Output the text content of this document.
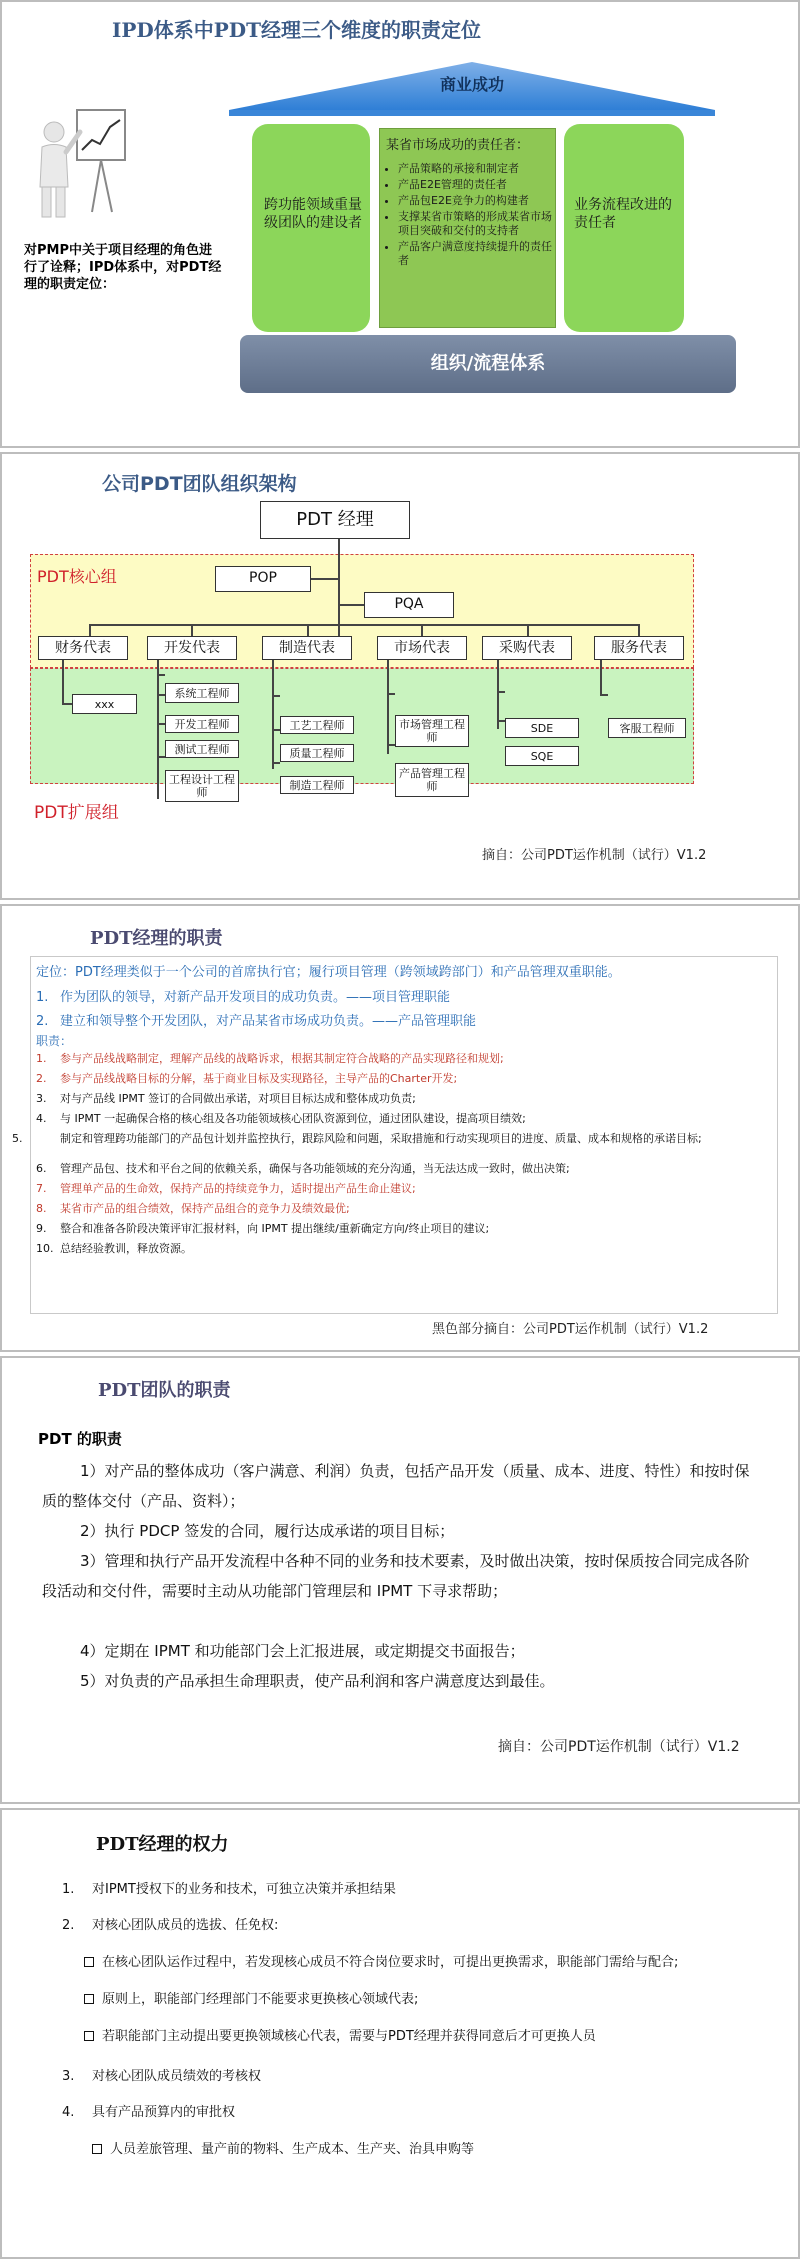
IPD体系中PDT经理三个维度的职责定位
对PMP中关于项目经理的角色进行了诠释；IPD体系中，对PDT经理的职责定位：
商业成功
跨功能领域重量级团队的建设者
某省市场成功的责任者：
• 产品策略的承接和制定者
• 产品E2E管理的责任者
• 产品包E2E竞争力的构建者
• 支撑某省市策略的形成某省市场项目突破和交付的支持者
• 产品客户满意度持续提升的责任者
业务流程改进的责任者
组织/流程体系
公司PDT团队组织架构
PDT核心组
PDT扩展组
PDT 经理
POP
PQA
财务代表	开发代表	制造代表	市场代表	采购代表	服务代表
系统工程师
xxx
开发工程师
测试工程师
工程设计工程师
工艺工程师
质量工程师
制造工程师
市场管理工程师
产品管理工程师
SDE
SQE
客服工程师
摘自：公司PDT运作机制（试行）V1.2
PDT经理的职责
定位：PDT经理类似于一个公司的首席执行官；履行项目管理（跨领域跨部门）和产品管理双重职能。
1. 作为团队的领导，对新产品开发项目的成功负责。——项目管理职能
2. 建立和领导整个开发团队，对产品某省市场成功负责。——产品管理职能
职责：
1. 参与产品线战略制定，理解产品线的战略诉求，根据其制定符合战略的产品实现路径和规划;
2. 参与产品线战略目标的分解，基于商业目标及实现路径，主导产品的Charter开发;
3. 对与产品线 IPMT 签订的合同做出承诺，对项目目标达成和整体成功负责;
4. 与 IPMT 一起确保合格的核心组及各功能领域核心团队资源到位，通过团队建设，提高项目绩效;
5.	制定和管理跨功能部门的产品包计划并监控执行，跟踪风险和问题，采取措施和行动实现项目的进度、质量、成本和规格的承诺目标;
6. 管理产品包、技术和平台之间的依赖关系，确保与各功能领域的充分沟通，当无法达成一致时，做出决策;
7. 管理单产品的生命效，保持产品的持续竞争力，适时提出产品生命止建议;
8. 某省市产品的组合绩效，保持产品组合的竞争力及绩效最优;
9. 整合和准备各阶段决策评审汇报材料，向 IPMT 提出继续/重新确定方向/终止项目的建议;
10. 总结经验教训，释放资源。
黑色部分摘自：公司PDT运作机制（试行）V1.2
PDT团队的职责
PDT 的职责
1）对产品的整体成功（客户满意、利润）负责，包括产品开发（质量、成本、进度、特性）和按时保质的整体交付（产品、资料）；
2）执行 PDCP 签发的合同，履行达成承诺的项目目标；
3）管理和执行产品开发流程中各种不同的业务和技术要素，及时做出决策，按时保质按合同完成各阶段活动和交付件，需要时主动从功能部门管理层和 IPMT 下寻求帮助；
4）定期在 IPMT 和功能部门会上汇报进展，或定期提交书面报告；
5）对负责的产品承担生命理职责，使产品利润和客户满意度达到最佳。
摘自：公司PDT运作机制（试行）V1.2
PDT经理的权力
1. 对IPMT授权下的业务和技术，可独立决策并承担结果
2. 对核心团队成员的选拔、任免权:
在核心团队运作过程中，若发现核心成员不符合岗位要求时，可提出更换需求，职能部门需给与配合;
原则上，职能部门经理部门不能要求更换核心领域代表;
若职能部门主动提出要更换领域核心代表，需要与PDT经理并获得同意后才可更换人员
3. 对核心团队成员绩效的考核权
4. 具有产品预算内的审批权
人员差旅管理、量产前的物料、生产成本、生产夹、治具申购等
